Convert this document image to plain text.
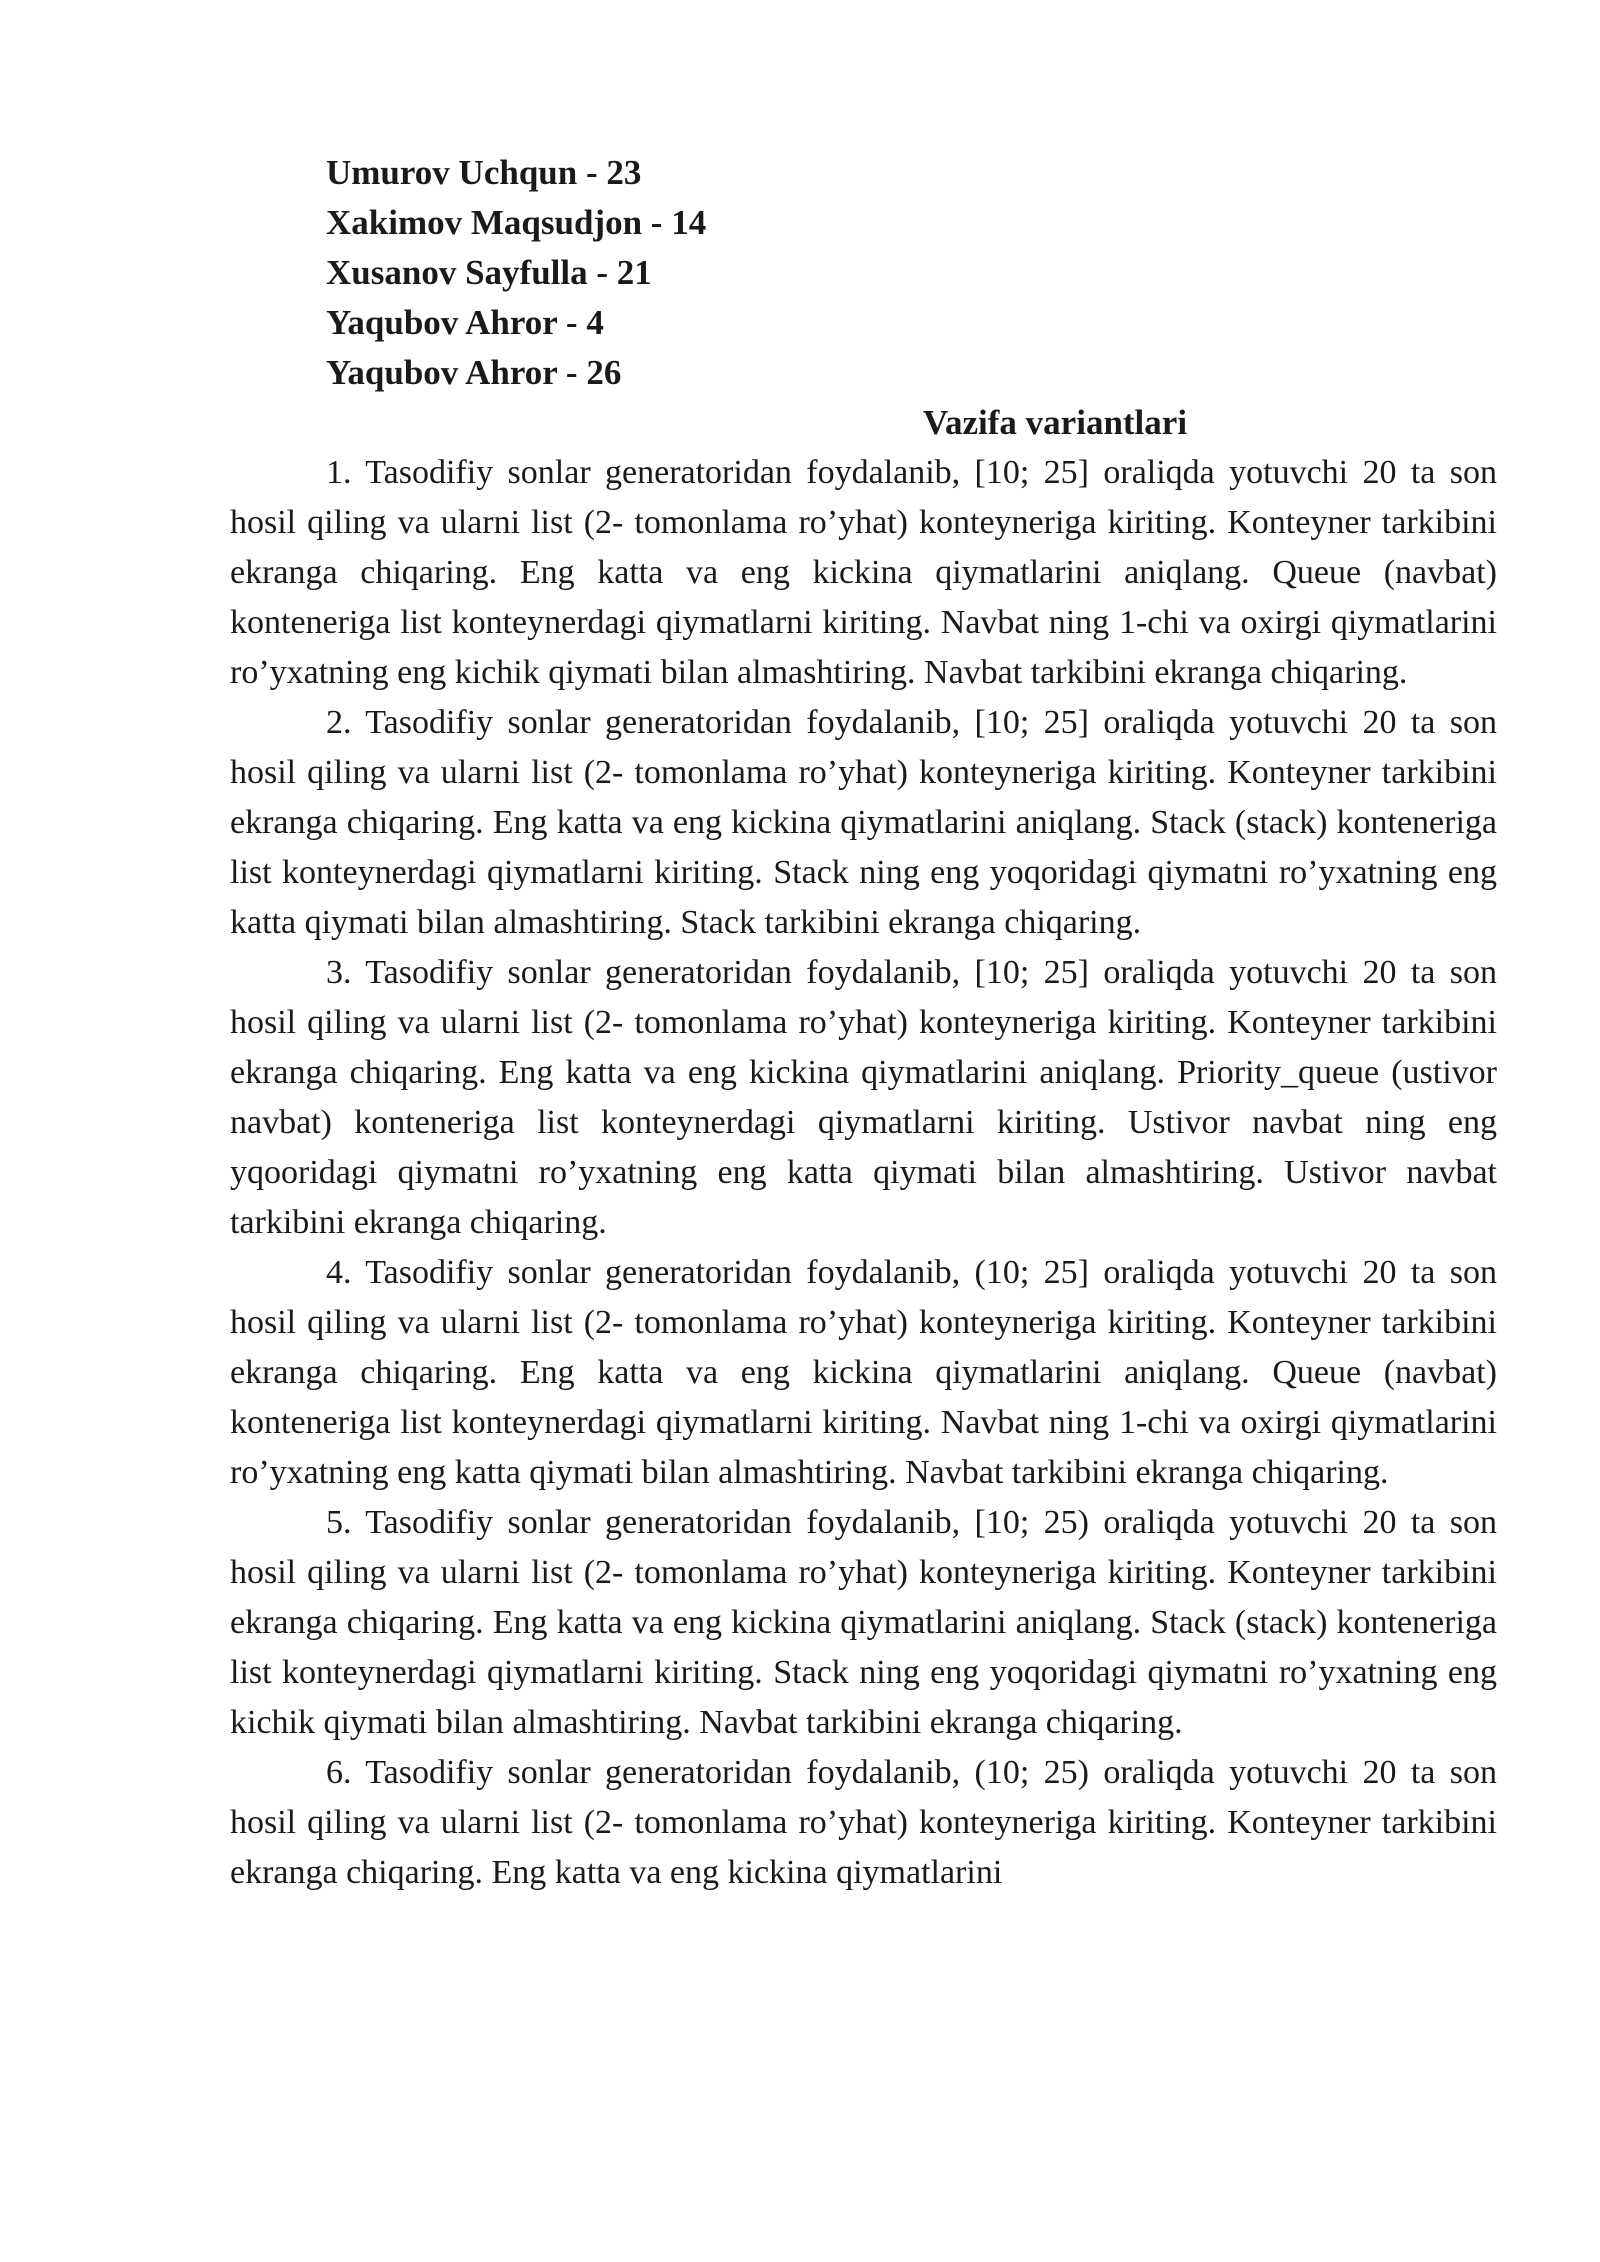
Umurov Uchqun - 23
Xakimov Maqsudjon - 14
Xusanov Sayfulla - 21
Yaqubov Ahror - 4
Yaqubov Ahror - 26

Vazifa variantlari

1. Tasodifiy sonlar generatoridan foydalanib, [10; 25] oraliqda yotuvchi 20 ta son hosil qiling va ularni list (2- tomonlama ro’yhat) konteyneriga kiriting. Konteyner tarkibini ekranga chiqaring. Eng katta va eng kickina qiymatlarini aniqlang. Queue (navbat) konteneriga list konteynerdagi qiymatlarni kiriting. Navbat ning 1-chi va oxirgi qiymatlarini ro’yxatning eng kichik qiymati bilan almashtiring. Navbat tarkibini ekranga chiqaring.

2. Tasodifiy sonlar generatoridan foydalanib, [10; 25] oraliqda yotuvchi 20 ta son hosil qiling va ularni list (2- tomonlama ro’yhat) konteyneriga kiriting. Konteyner tarkibini ekranga chiqaring. Eng katta va eng kickina qiymatlarini aniqlang. Stack (stack) konteneriga list konteynerdagi qiymatlarni kiriting. Stack ning eng yoqoridagi qiymatni ro’yxatning eng katta qiymati bilan almashtiring. Stack tarkibini ekranga chiqaring.

3. Tasodifiy sonlar generatoridan foydalanib, [10; 25] oraliqda yotuvchi 20 ta son hosil qiling va ularni list (2- tomonlama ro’yhat) konteyneriga kiriting. Konteyner tarkibini ekranga chiqaring. Eng katta va eng kickina qiymatlarini aniqlang. Priority_queue (ustivor navbat) konteneriga list konteynerdagi qiymatlarni kiriting. Ustivor navbat ning eng yqooridagi qiymatni ro’yxatning eng katta qiymati bilan almashtiring. Ustivor navbat tarkibini ekranga chiqaring.

4. Tasodifiy sonlar generatoridan foydalanib, (10; 25] oraliqda yotuvchi 20 ta son hosil qiling va ularni list (2- tomonlama ro’yhat) konteyneriga kiriting. Konteyner tarkibini ekranga chiqaring. Eng katta va eng kickina qiymatlarini aniqlang. Queue (navbat) konteneriga list konteynerdagi qiymatlarni kiriting. Navbat ning 1-chi va oxirgi qiymatlarini ro’yxatning eng katta qiymati bilan almashtiring. Navbat tarkibini ekranga chiqaring.

5. Tasodifiy sonlar generatoridan foydalanib, [10; 25) oraliqda yotuvchi 20 ta son hosil qiling va ularni list (2- tomonlama ro’yhat) konteyneriga kiriting. Konteyner tarkibini ekranga chiqaring. Eng katta va eng kickina qiymatlarini aniqlang. Stack (stack) konteneriga list konteynerdagi qiymatlarni kiriting. Stack ning eng yoqoridagi qiymatni ro’yxatning eng kichik qiymati bilan almashtiring. Navbat tarkibini ekranga chiqaring.

6. Tasodifiy sonlar generatoridan foydalanib, (10; 25) oraliqda yotuvchi 20 ta son hosil qiling va ularni list (2- tomonlama ro’yhat) konteyneriga kiriting. Konteyner tarkibini ekranga chiqaring. Eng katta va eng kickina qiymatlarini
